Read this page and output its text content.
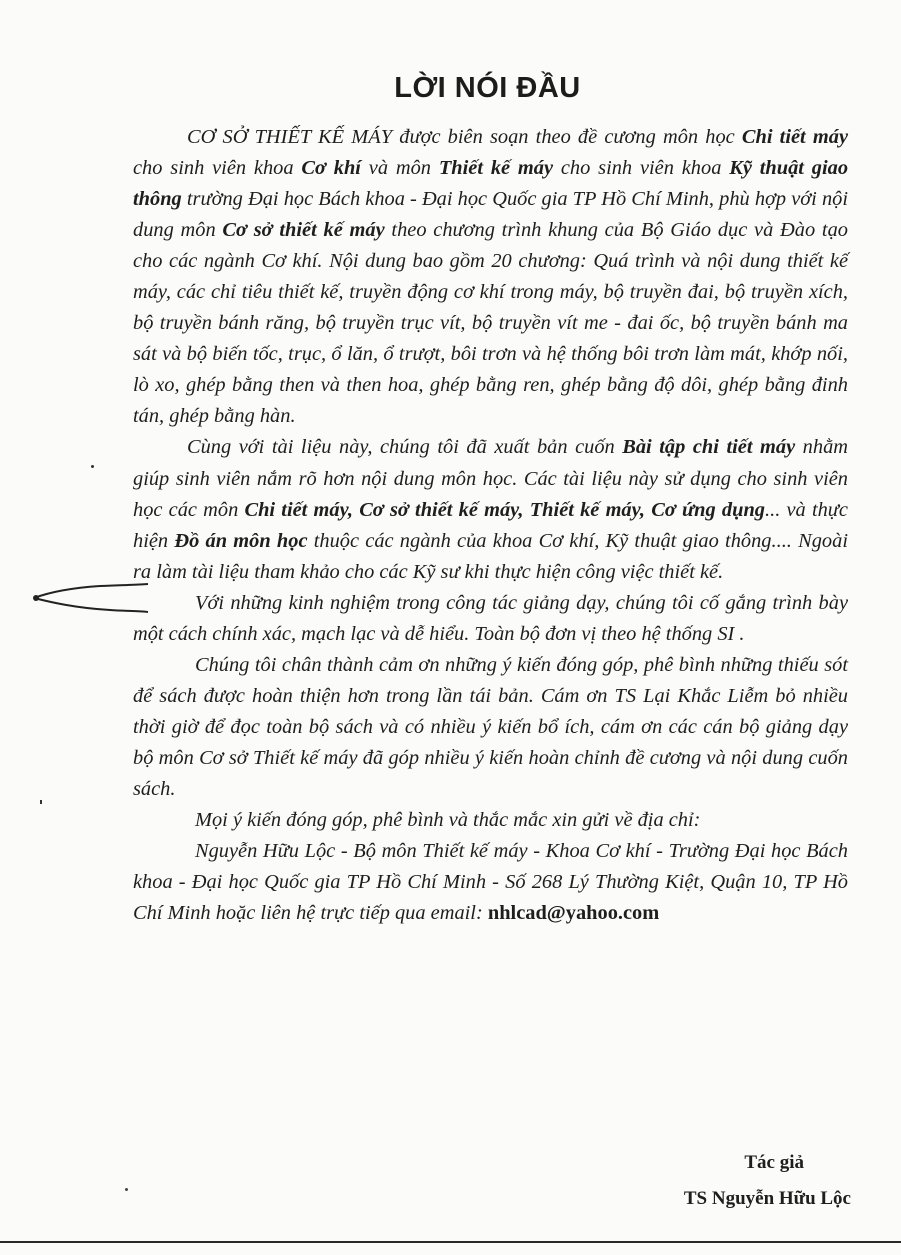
LỜI NÓI ĐẦU

CƠ SỞ THIẾT KẾ MÁY được biên soạn theo đề cương môn học Chi tiết máy cho sinh viên khoa Cơ khí và môn Thiết kế máy cho sinh viên khoa Kỹ thuật giao thông trường Đại học Bách khoa - Đại học Quốc gia TP Hồ Chí Minh, phù hợp với nội dung môn Cơ sở thiết kế máy theo chương trình khung của Bộ Giáo dục và Đào tạo cho các ngành Cơ khí. Nội dung bao gồm 20 chương: Quá trình và nội dung thiết kế máy, các chỉ tiêu thiết kế, truyền động cơ khí trong máy, bộ truyền đai, bộ truyền xích, bộ truyền bánh răng, bộ truyền trục vít, bộ truyền vít me - đai ốc, bộ truyền bánh ma sát và bộ biến tốc, trục, ổ lăn, ổ trượt, bôi trơn và hệ thống bôi trơn làm mát, khớp nối, lò xo, ghép bằng then và then hoa, ghép bằng ren, ghép bằng độ dôi, ghép bằng đinh tán, ghép bằng hàn.

Cùng với tài liệu này, chúng tôi đã xuất bản cuốn Bài tập chi tiết máy nhằm giúp sinh viên nắm rõ hơn nội dung môn học. Các tài liệu này sử dụng cho sinh viên học các môn Chi tiết máy, Cơ sở thiết kế máy, Thiết kế máy, Cơ ứng dụng... và thực hiện Đồ án môn học thuộc các ngành của khoa Cơ khí, Kỹ thuật giao thông.... Ngoài ra làm tài liệu tham khảo cho các Kỹ sư khi thực hiện công việc thiết kế.

Với những kinh nghiệm trong công tác giảng dạy, chúng tôi cố gắng trình bày một cách chính xác, mạch lạc và dễ hiểu. Toàn bộ đơn vị theo hệ thống SI .

Chúng tôi chân thành cảm ơn những ý kiến đóng góp, phê bình những thiếu sót để sách được hoàn thiện hơn trong lần tái bản. Cám ơn TS Lại Khắc Liễm bỏ nhiều thời giờ để đọc toàn bộ sách và có nhiều ý kiến bổ ích, cám ơn các cán bộ giảng dạy bộ môn Cơ sở Thiết kế máy đã góp nhiều ý kiến hoàn chỉnh đề cương và nội dung cuốn sách.

Mọi ý kiến đóng góp, phê bình và thắc mắc xin gửi về địa chỉ:

Nguyễn Hữu Lộc - Bộ môn Thiết kế máy - Khoa Cơ khí - Trường Đại học Bách khoa - Đại học Quốc gia TP Hồ Chí Minh - Số 268 Lý Thường Kiệt, Quận 10, TP Hồ Chí Minh hoặc liên hệ trực tiếp qua email: nhlcad@yahoo.com

Tác giả
TS Nguyễn Hữu Lộc
